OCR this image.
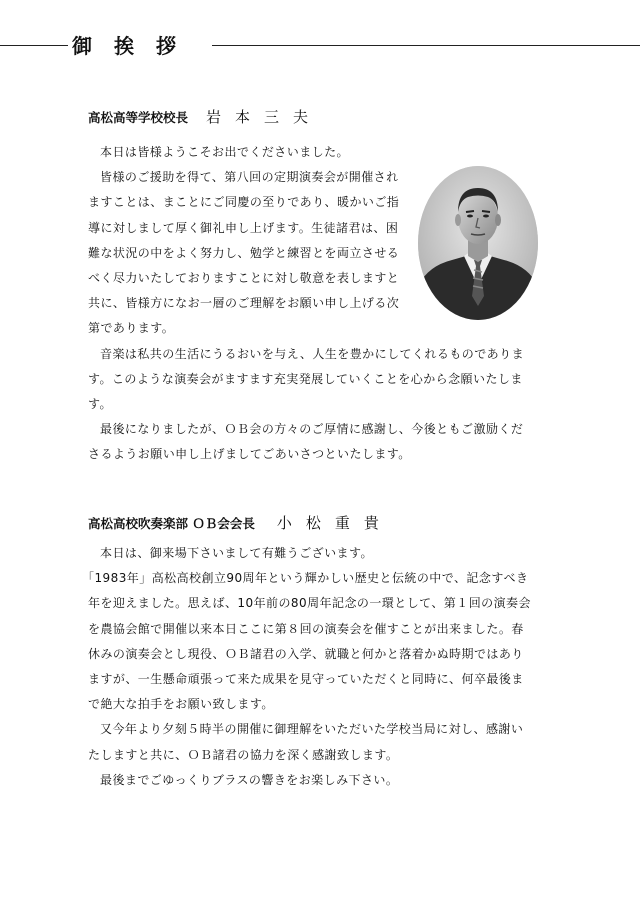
御挨拶
高松高等学校校長 岩本三夫
本日は皆様ようこそお出でくださいました。
皆様のご援助を得て、第八回の定期演奏会が開催され
ますことは、まことにご同慶の至りであり、暖かいご指
導に対しまして厚く御礼申し上げます。生徒諸君は、困
難な状況の中をよく努力し、勉学と練習とを両立させる
べく尽力いたしておりますことに対し敬意を表しますと
共に、皆様方になお一層のご理解をお願い申し上げる次
第であります。
音楽は私共の生活にうるおいを与え、人生を豊かにしてくれるものでありま
す。このような演奏会がますます充実発展していくことを心から念願いたしま
す。
最後になりましたが、ＯＢ会の方々のご厚情に感謝し、今後ともご激励くだ
さるようお願い申し上げましてごあいさつといたします。
高松高校吹奏楽部 ＯＢ会会長 小松重貴
本日は、御来場下さいまして有難うございます。
「1983年」高松高校創立90周年という輝かしい歴史と伝統の中で、記念すべき
年を迎えました。思えば、10年前の80周年記念の一環として、第１回の演奏会
を農協会館で開催以来本日ここに第８回の演奏会を催すことが出来ました。春
休みの演奏会とし現役、ＯＢ諸君の入学、就職と何かと落着かぬ時期ではあり
ますが、一生懸命頑張って来た成果を見守っていただくと同時に、何卒最後ま
で絶大な拍手をお願い致します。
又今年より夕刻５時半の開催に御理解をいただいた学校当局に対し、感謝い
たしますと共に、ＯＢ諸君の協力を深く感謝致します。
最後までごゆっくりブラスの響きをお楽しみ下さい。
